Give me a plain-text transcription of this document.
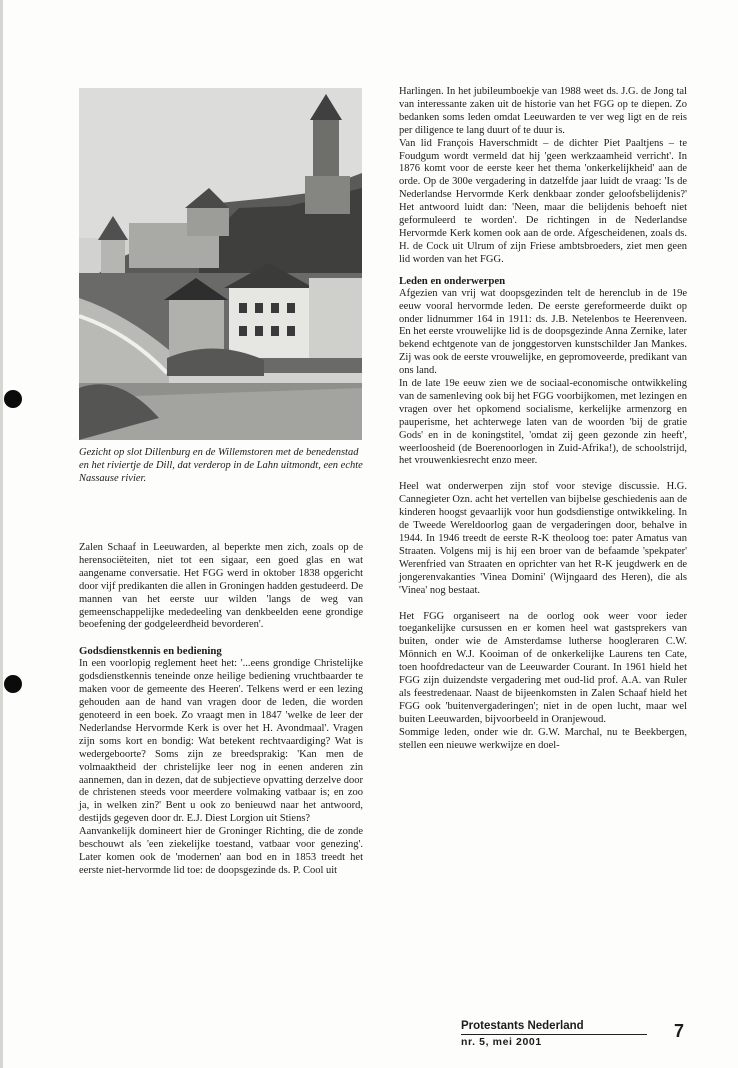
Gezicht op slot Dillenburg en de Willemstoren met de benedenstad en het riviertje de Dill, dat verderop in de Lahn uitmondt, een echte Nassause rivier.

Zalen Schaaf in Leeuwarden, al beperkte men zich, zoals op de herensociëteiten, niet tot een sigaar, een goed glas en wat aangename conversatie. Het FGG werd in oktober 1838 opgericht door vijf predikanten die allen in Groningen hadden gestudeerd. De mannen van het eerste uur wilden 'langs de weg van gemeenschappelijke mededeeling van denkbeelden eene grondige beoefening der godgeleerdheid bevorderen'.

Godsdienstkennis en bediening

In een voorlopig reglement heet het: '...eens grondige Christelijke godsdienstkennis teneinde onze heilige bediening vruchtbaarder te maken voor de gemeente des Heeren'. Telkens werd er een lezing gehouden aan de hand van vragen door de leden, die worden genoteerd in een boek. Zo vraagt men in 1847 'welke de leer der Nederlandse Hervormde Kerk is over het H. Avondmaal'. Vragen zijn soms kort en bondig: Wat betekent rechtvaardiging? Wat is wedergeboorte? Soms zijn ze breedsprakig: 'Kan men de volmaaktheid der christelijke leer nog in eenen anderen zin aannemen, dan in dezen, dat de subjectieve opvatting derzelve door de christenen steeds voor meerdere volmaking vatbaar is; en zoo ja, in welken zin?' Bent u ook zo benieuwd naar het antwoord, destijds gegeven door dr. E.J. Diest Lorgion uit Stiens?

Aanvankelijk domineert hier de Groninger Richting, die de zonde beschouwt als 'een ziekelijke toestand, vatbaar voor genezing'. Later komen ook de 'modernen' aan bod en in 1853 treedt het eerste niet-hervormde lid toe: de doopsgezinde ds. P. Cool uit

Harlingen. In het jubileumboekje van 1988 weet ds. J.G. de Jong tal van interessante zaken uit de historie van het FGG op te diepen. Zo bedanken soms leden omdat Leeuwarden te ver weg ligt en de reis per diligence te lang duurt of te duur is.

Van lid François Haverschmidt – de dichter Piet Paaltjens – te Foudgum wordt vermeld dat hij 'geen werkzaamheid verricht'. In 1876 komt voor de eerste keer het thema 'onkerkelijkheid' aan de orde. Op de 300e vergadering in datzelfde jaar luidt de vraag: 'Is de Nederlandse Hervormde Kerk denkbaar zonder geloofsbelijdenis?' Het antwoord luidt dan: 'Neen, maar die belijdenis behoeft niet geformuleerd te worden'. De richtingen in de Nederlandse Hervormde Kerk komen ook aan de orde. Afgescheidenen, zoals ds. H. de Cock uit Ulrum of zijn Friese ambtsbroeders, ziet men geen lid worden van het FGG.

Leden en onderwerpen

Afgezien van vrij wat doopsgezinden telt de herenclub in de 19e eeuw vooral hervormde leden. De eerste gereformeerde duikt op onder lidnummer 164 in 1911: ds. J.B. Netelenbos te Heerenveen. En het eerste vrouwelijke lid is de doopsgezinde Anna Zernike, later bekend echtgenote van de jonggestorven kunstschilder Jan Mankes. Zij was ook de eerste vrouwelijke, en gepromoveerde, predikant van ons land.

In de late 19e eeuw zien we de sociaal-economische ontwikkeling van de samenleving ook bij het FGG voorbijkomen, met lezingen en vragen over het opkomend socialisme, kerkelijke armenzorg en pauperisme, het achterwege laten van de woorden 'bij de gratie Gods' en in de koningstitel, 'omdat zij geen gezonde zin heeft', weerloosheid (de Boerenoorlogen in Zuid-Afrika!), de schoolstrijd, het vrouwenkiesrecht enzo meer.

Heel wat onderwerpen zijn stof voor stevige discussie. H.G. Cannegieter Ozn. acht het vertellen van bijbelse geschiedenis aan de kinderen hoogst gevaarlijk voor hun godsdienstige ontwikkeling. In de Tweede Wereldoorlog gaan de vergaderingen door, behalve in 1944. In 1946 treedt de eerste R-K theoloog toe: pater Amatus van Straaten. Volgens mij is hij een broer van de befaamde 'spekpater' Werenfried van Straaten en oprichter van het R-K jeugdwerk en de jongerenvakanties 'Vinea Domini' (Wijngaard des Heren), die als 'Vinea' nog bestaat.

Het FGG organiseert na de oorlog ook weer voor ieder toegankelijke cursussen en er komen heel wat gastsprekers van buiten, onder wie de Amsterdamse lutherse hoogleraren C.W. Mönnich en W.J. Kooiman of de onkerkelijke Laurens ten Cate, toen hoofdredacteur van de Leeuwarder Courant. In 1961 hield het FGG zijn duizendste vergadering met oud-lid prof. A.A. van Ruler als feestredenaar. Naast de bijeenkomsten in Zalen Schaaf hield het FGG ook 'buitenvergaderingen'; niet in de open lucht, maar wel buiten Leeuwarden, bijvoorbeeld in Oranjewoud.

Sommige leden, onder wie dr. G.W. Marchal, nu te Beekbergen, stellen een nieuwe werkwijze en doel-

Protestants Nederland
nr. 5, mei 2001
7
